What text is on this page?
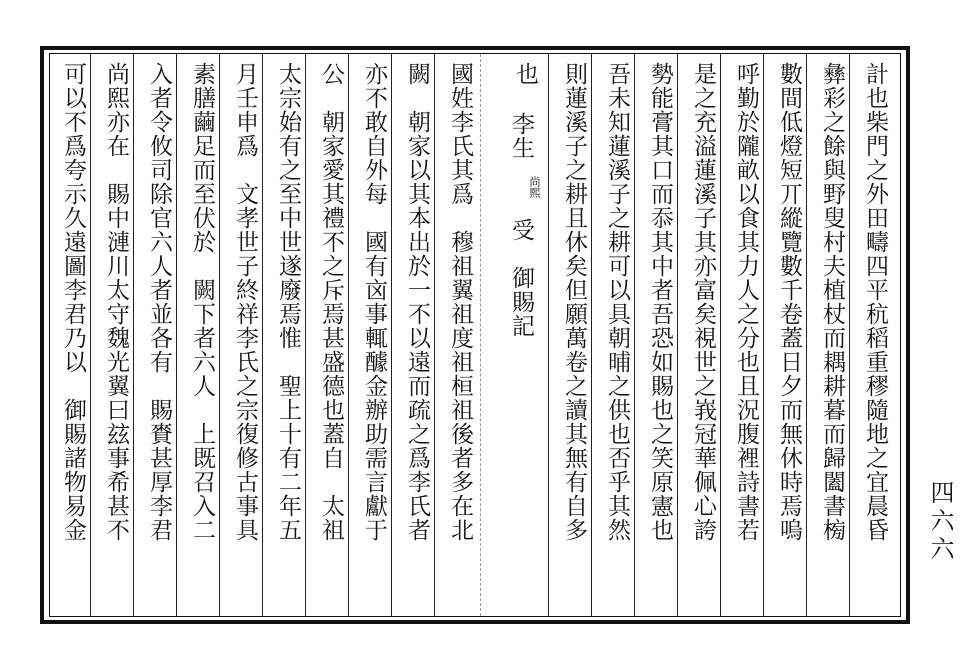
計也柴門之外田疇四平秔稻重穋隨地之宜晨昏
彝彩之餘與野叟村夫植杖而耦耕暮而歸闔書㮄
數間低燈短丌縱覽數千卷蓋日夕而無休時焉嗚
呼勤於隴畝以食其力人之分也且況腹裡詩書若
是之充溢蓮溪子其亦富矣視世之峩冠華佩心誇
勢能膏其口而忝其中者吾恐如賜也之笑原憲也
吾未知蓮溪子之耕可以具朝晡之供也否乎其然
則蓮溪子之耕且休矣但願萬卷之讀其無有自多
也
李生
尚熙
受　御賜記
國姓李氏其爲　穆祖翼祖度祖桓祖後者多在北
闕　朝家以其本出於一不以遠而疏之爲李氏者
亦不敢自外每　國有㐫事輒醵金辦助需言獻于
公　朝家愛其禮不之斥焉甚盛德也蓋自　太祖
太宗始有之至中世遂廢焉惟　聖上十有二年五
月壬申爲　文孝世子終祥李氏之宗復修古事具
素膳繭足而至伏於　闕下者六人　上既召入二
入者令攸司除官六人者並各有　賜賚甚厚李君
尚熙亦在　賜中漣川太守魏光翼曰玆事希甚不
可以不爲夸示久遠圖李君乃以　御賜諸物易金	四六六
